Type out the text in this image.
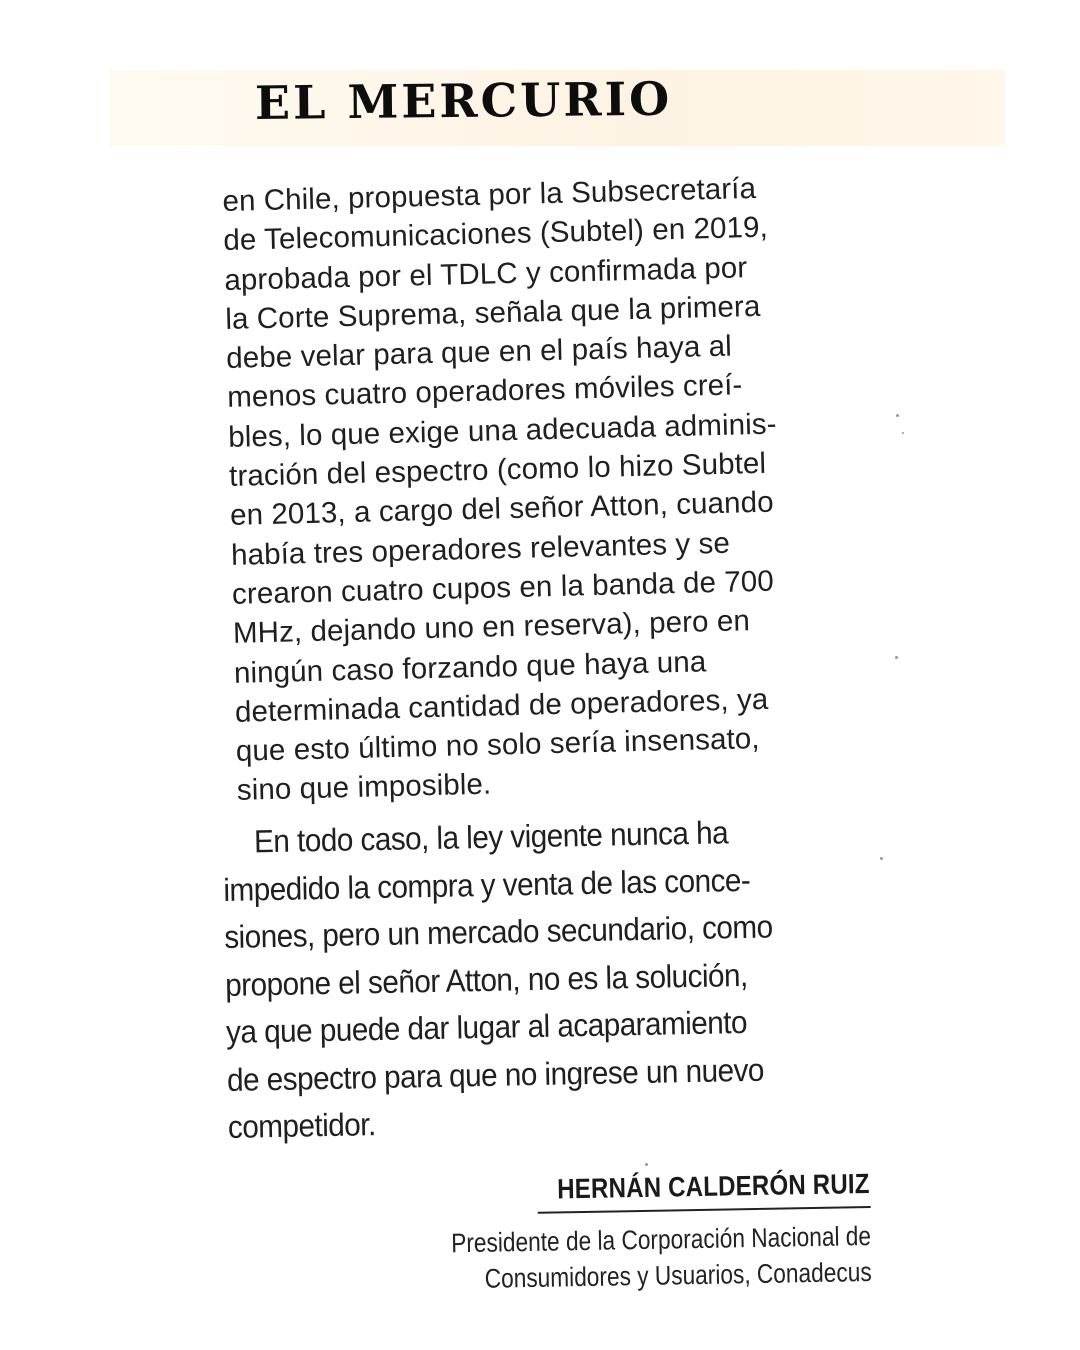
EL MERCURIO

en Chile, propuesta por la Subsecretaría
de Telecomunicaciones (Subtel) en 2019,
aprobada por el TDLC y confirmada por
la Corte Suprema, señala que la primera
debe velar para que en el país haya al
menos cuatro operadores móviles creí-
bles, lo que exige una adecuada adminis-
tración del espectro (como lo hizo Subtel
en 2013, a cargo del señor Atton, cuando
había tres operadores relevantes y se
crearon cuatro cupos en la banda de 700
MHz, dejando uno en reserva), pero en
ningún caso forzando que haya una
determinada cantidad de operadores, ya
que esto último no solo sería insensato,
sino que imposible.

En todo caso, la ley vigente nunca ha
impedido la compra y venta de las conce-
siones, pero un mercado secundario, como
propone el señor Atton, no es la solución,
ya que puede dar lugar al acaparamiento
de espectro para que no ingrese un nuevo
competidor.

HERNÁN CALDERÓN RUIZ
Presidente de la Corporación Nacional de
Consumidores y Usuarios, Conadecus
